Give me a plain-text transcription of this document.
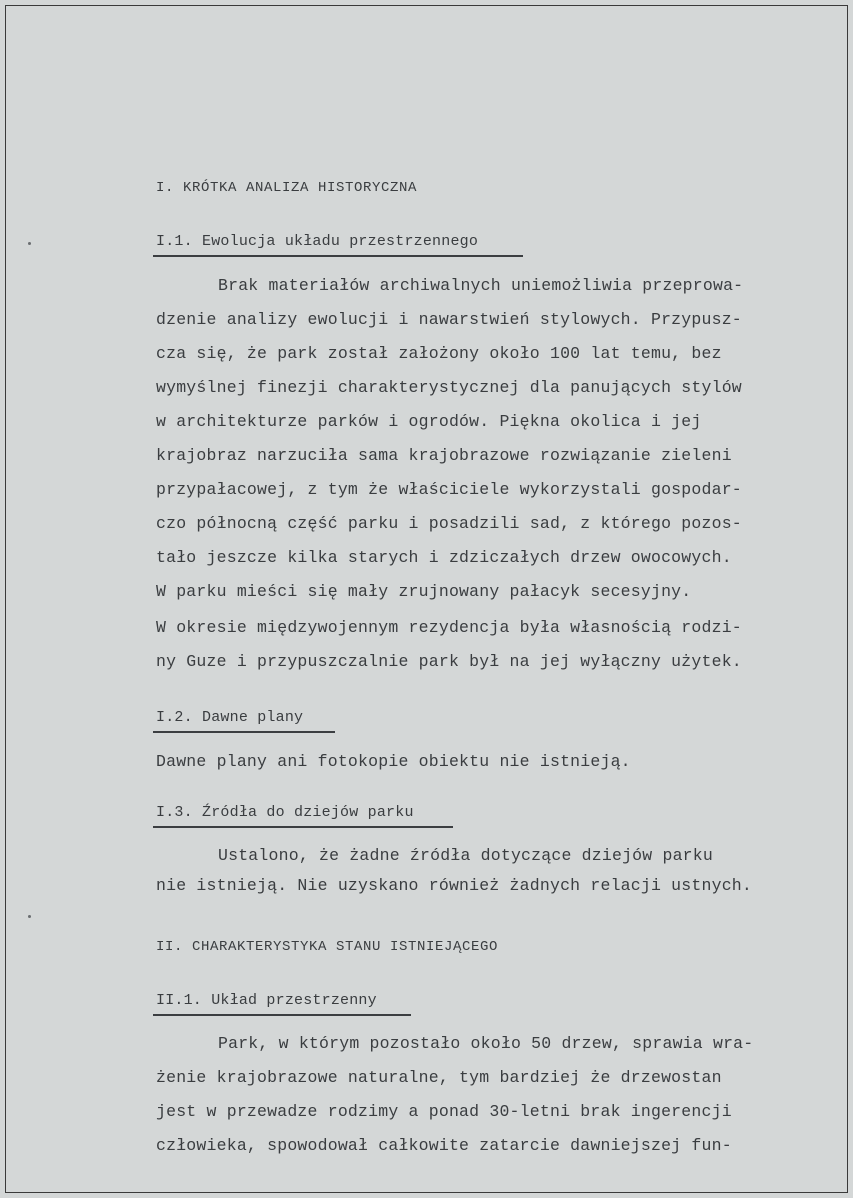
I. KRÓTKA ANALIZA HISTORYCZNA
I.1. Ewolucja układu przestrzennego
Brak materiałów archiwalnych uniemożliwia przeprowa-
dzenie analizy ewolucji i nawarstwień stylowych. Przypusz-
cza się, że park został założony około 100 lat temu, bez
wymyślnej finezji charakterystycznej dla panujących stylów
w architekturze parków i ogrodów. Piękna okolica i jej
krajobraz narzuciła sama krajobrazowe rozwiązanie zieleni
przypałacowej, z tym że właściciele wykorzystali gospodar-
czo północną część parku i posadzili sad, z którego pozos-
tało jeszcze kilka starych i zdziczałych drzew owocowych.
W parku mieści się mały zrujnowany pałacyk secesyjny.
W okresie międzywojennym rezydencja była własnością rodzi-
ny Guze i przypuszczalnie park był na jej wyłączny użytek.
I.2. Dawne plany
Dawne plany ani fotokopie obiektu nie istnieją.
I.3. Źródła do dziejów parku
Ustalono, że żadne źródła dotyczące dziejów parku
nie istnieją. Nie uzyskano również żadnych relacji ustnych.
II. CHARAKTERYSTYKA STANU ISTNIEJĄCEGO
II.1. Układ przestrzenny
Park, w którym pozostało około 50 drzew, sprawia wra-
żenie krajobrazowe naturalne, tym bardziej że drzewostan
jest w przewadze rodzimy a ponad 30-letni brak ingerencji
człowieka, spowodował całkowite zatarcie dawniejszej fun-
